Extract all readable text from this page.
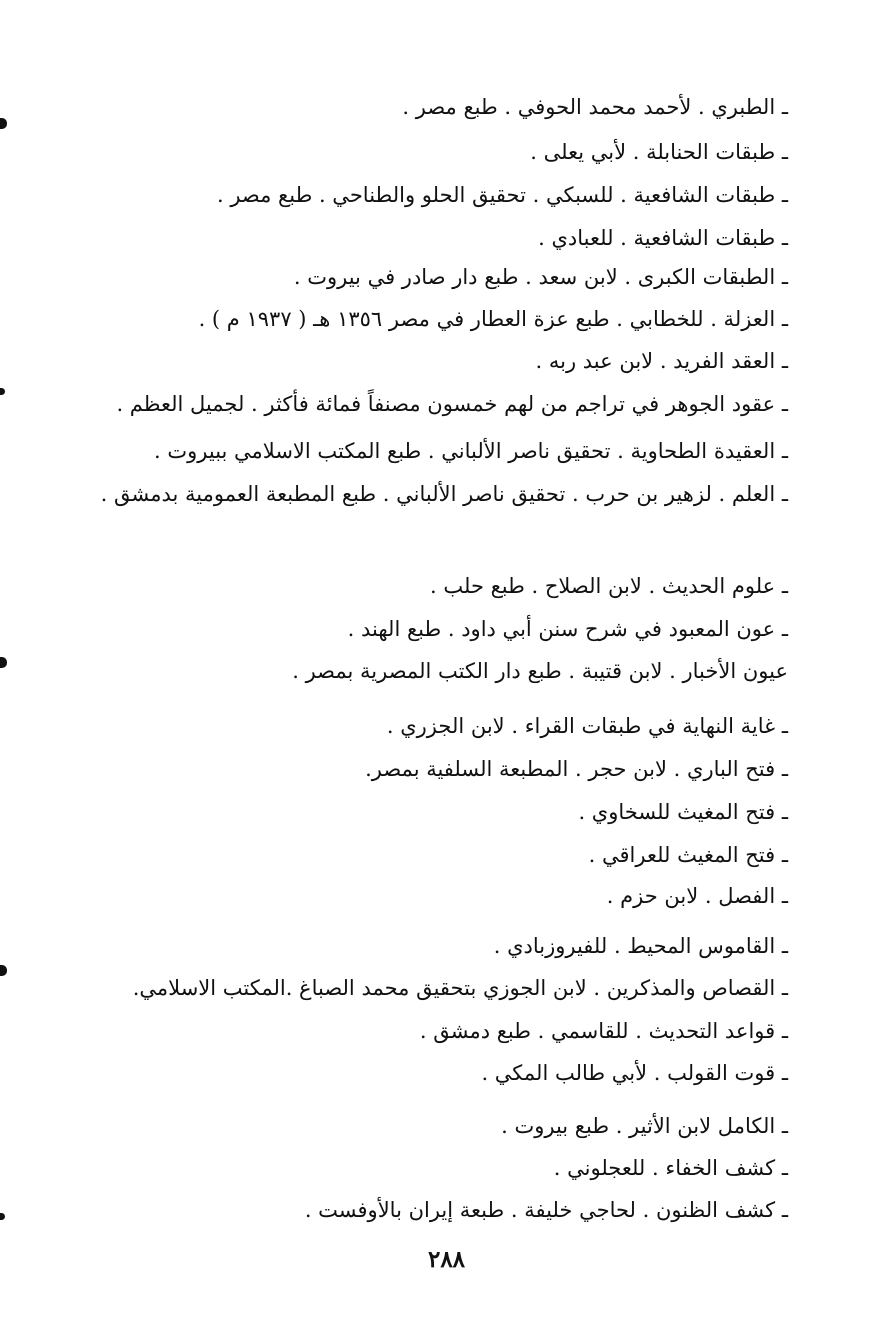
ـ الطبري . لأحمد محمد الحوفي . طبع مصر .
ـ طبقات الحنابلة . لأبي يعلى .
ـ طبقات الشافعية . للسبكي . تحقيق الحلو والطناحي . طبع مصر .
ـ طبقات الشافعية . للعبادي .
ـ الطبقات الكبرى . لابن سعد . طبع دار صادر في بيروت .
ـ العزلة . للخطابي . طبع عزة العطار في مصر ١٣٥٦ هـ ( ١٩٣٧ م ) .
ـ العقد الفريد . لابن عبد ربه .
ـ عقود الجوهر في تراجم من لهم خمسون مصنفاً فمائة فأكثر . لجميل العظم .
ـ العقيدة الطحاوية . تحقيق ناصر الألباني . طبع المكتب الاسلامي ببيروت .
ـ العلم . لزهير بن حرب . تحقيق ناصر الألباني . طبع المطبعة العمومية بدمشق .
ـ علوم الحديث . لابن الصلاح . طبع حلب .
ـ عون المعبود في شرح سنن أبي داود . طبع الهند .
عيون الأخبار . لابن قتيبة . طبع دار الكتب المصرية بمصر .
ـ غاية النهاية في طبقات القراء . لابن الجزري .
ـ فتح الباري . لابن حجر . المطبعة السلفية بمصر.
ـ فتح المغيث للسخاوي .
ـ فتح المغيث للعراقي .
ـ الفصل . لابن حزم .
ـ القاموس المحيط . للفيروزبادي .
ـ القصاص والمذكرين . لابن الجوزي بتحقيق محمد الصباغ .المكتب الاسلامي.
ـ قواعد التحديث . للقاسمي . طبع دمشق .
ـ قوت القولب . لأبي طالب المكي .
ـ الكامل لابن الأثير . طبع بيروت .
ـ كشف الخفاء . للعجلوني .
ـ كشف الظنون . لحاجي خليفة . طبعة إيران بالأوفست .
٢٨٨
